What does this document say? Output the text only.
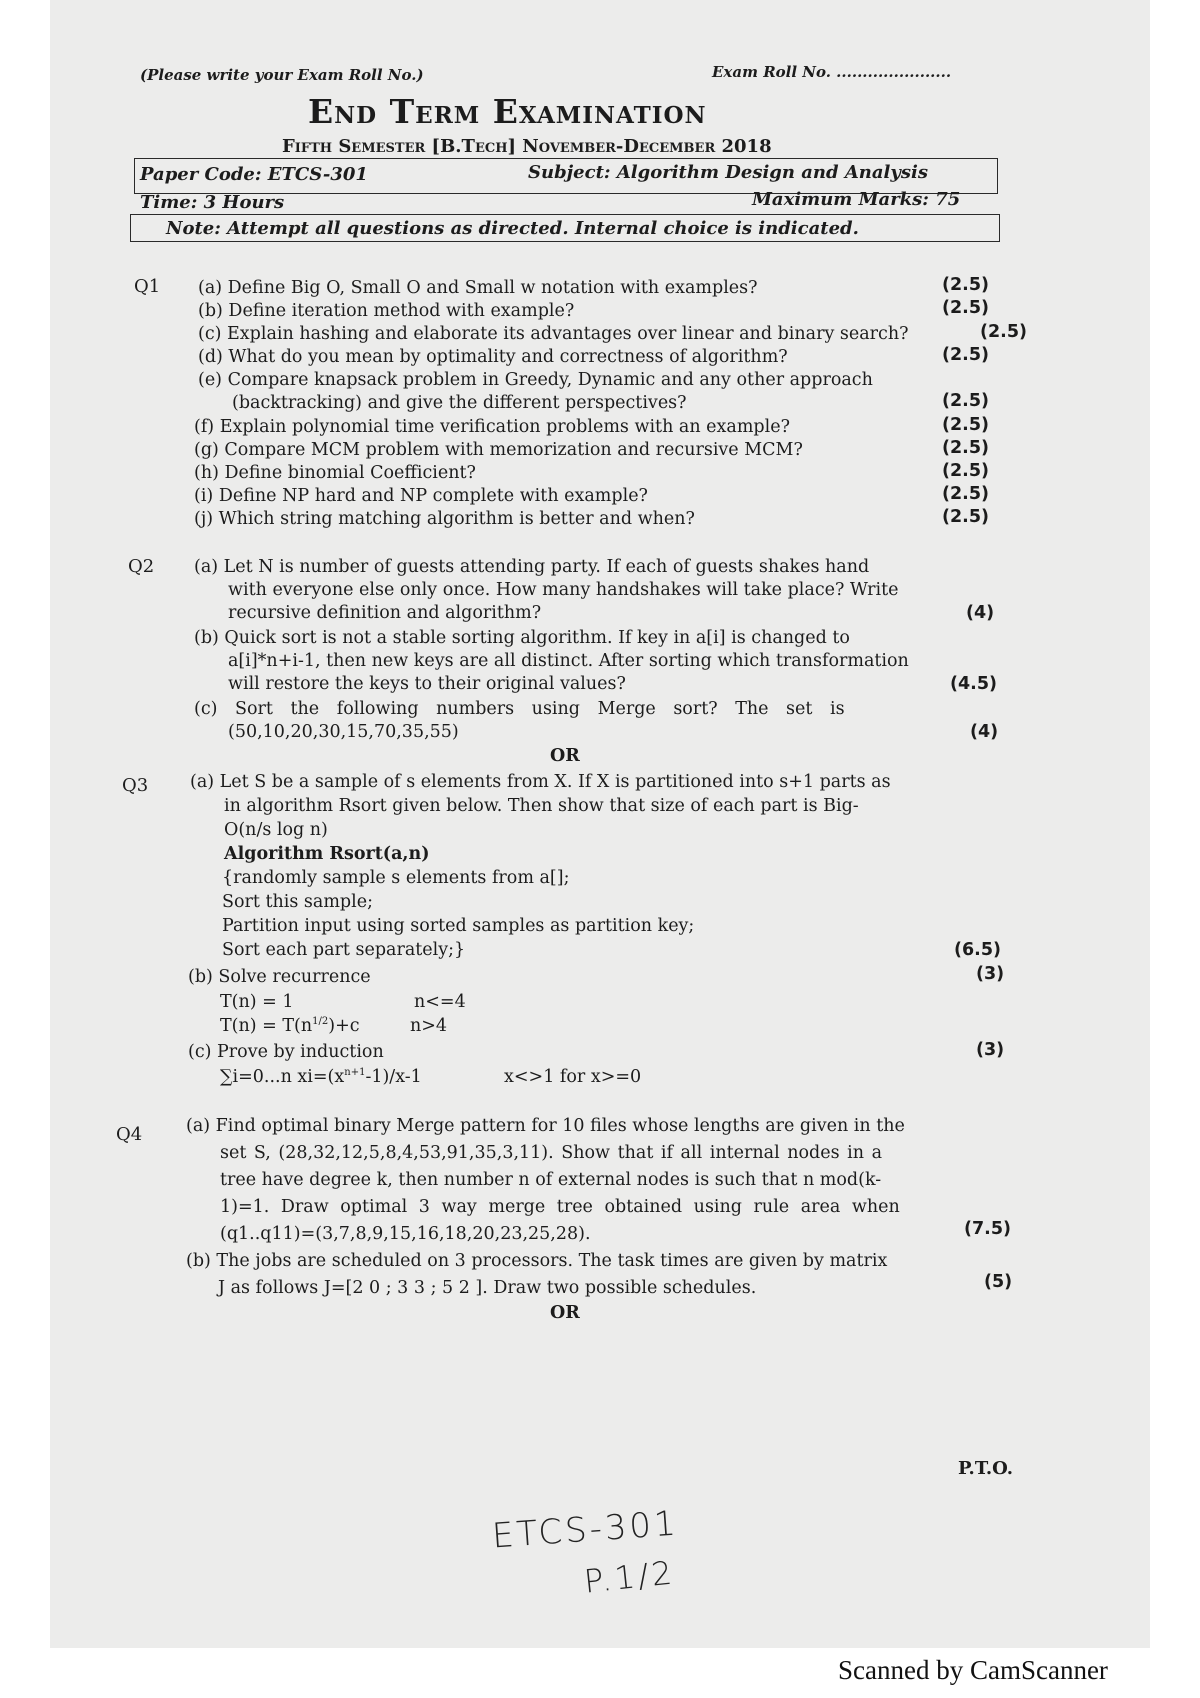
(Please write your Exam Roll No.)	Exam Roll No. ......................
End Term Examination
Fifth Semester [B.Tech] November-December 2018
Paper Code: ETCS-301	Subject: Algorithm Design and Analysis
Time: 3 Hours	Maximum Marks: 75
Note: Attempt all questions as directed. Internal choice is indicated.
Q1 (a) Define Big O, Small O and Small w notation with examples?	(2.5)
(b) Define iteration method with example?	(2.5)
(c) Explain hashing and elaborate its advantages over linear and binary search?	(2.5)
(d) What do you mean by optimality and correctness of algorithm?	(2.5)
(e) Compare knapsack problem in Greedy, Dynamic and any other approach
(backtracking) and give the different perspectives?	(2.5)
(f) Explain polynomial time verification problems with an example?	(2.5)
(g) Compare MCM problem with memorization and recursive MCM?	(2.5)
(h) Define binomial Coefficient?	(2.5)
(i) Define NP hard and NP complete with example?	(2.5)
(j) Which string matching algorithm is better and when?	(2.5)
Q2 (a) Let N is number of guests attending party. If each of guests shakes hand
with everyone else only once. How many handshakes will take place? Write
recursive definition and algorithm?	(4)
(b) Quick sort is not a stable sorting algorithm. If key in a[i] is changed to
a[i]*n+i-1, then new keys are all distinct. After sorting which transformation
will restore the keys to their original values?	(4.5)
(c) Sort the following numbers using Merge sort? The set is
(50,10,20,30,15,70,35,55)	(4)
OR
Q3 (a) Let S be a sample of s elements from X. If X is partitioned into s+1 parts as
in algorithm Rsort given below. Then show that size of each part is Big-
O(n/s log n)
Algorithm Rsort(a,n)
{randomly sample s elements from a[];
Sort this sample;
Partition input using sorted samples as partition key;
Sort each part separately;}	(6.5)
(b) Solve recurrence	(3)
T(n) = 1	n<=4
$T(n) = T(n^{1/2})+c$	n>4
(c) Prove by induction	(3)
∑i=0...n $xi=(x^{n+1}-1)/x-1$	x<>1 for x>=0
Q4	(a) Find optimal binary Merge pattern for 10 files whose lengths are given in the
set S, (28,32,12,5,8,4,53,91,35,3,11). Show that if all internal nodes in a
tree have degree k, then number n of external nodes is such that n mod(k-
1)=1. Draw optimal 3 way merge tree obtained using rule area when
(q1..q11)=(3,7,8,9,15,16,18,20,23,25,28).	(7.5)
(b) The jobs are scheduled on 3 processors. The task times are given by matrix
J as follows J=[2 0 ; 3 3 ; 5 2 ]. Draw two possible schedules.	(5)
OR
P.T.O.
ETCS-301
P.1/2
Scanned by CamScanner
